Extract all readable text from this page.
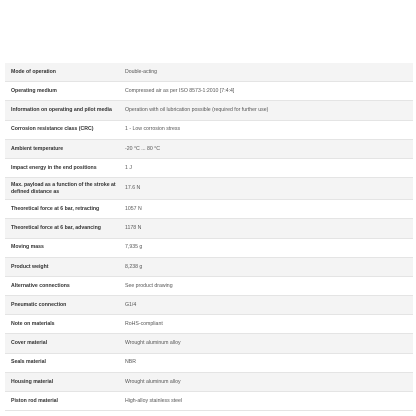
Mode of operation	Double-acting

Operating medium	Compressed air as per ISO 8573-1:2010 [7:4:4]

Information on operating and pilot media	Operation with oil lubrication possible (required for further use)

Corrosion resistance class (CRC)	1 - Low corrosion stress

Ambient temperature	-20 °C ... 80 °C

Impact energy in the end positions	1 J

Max. payload as a function of the stroke at defined distance as	17.6 N

Theoretical force at 6 bar, retracting	1057 N

Theoretical force at 6 bar, advancing	1178 N

Moving mass	7,935 g

Product weight	8,238 g

Alternative connections	See product drawing

Pneumatic connection	G1/4

Note on materials	RoHS-compliant

Cover material	Wrought aluminum alloy

Seals material	NBR

Housing material	Wrought aluminum alloy

Piston rod material	High-alloy stainless steel
